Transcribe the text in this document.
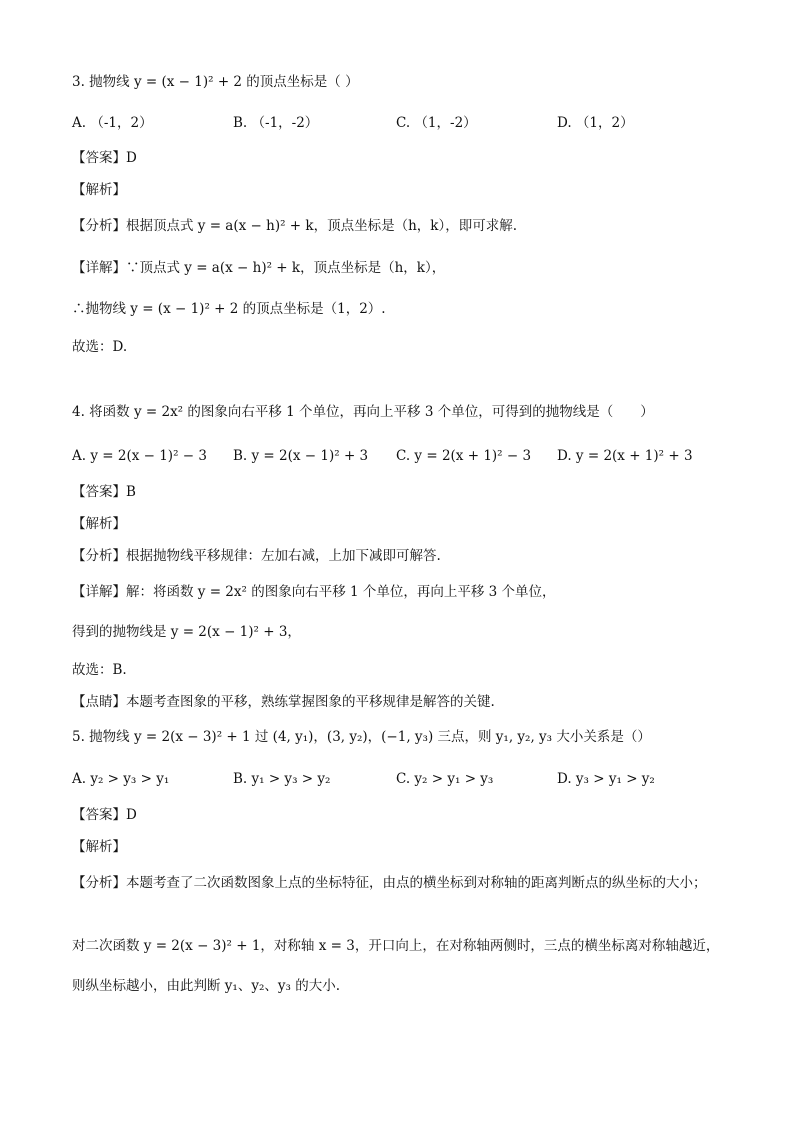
3. 抛物线 y = (x − 1)² + 2 的顶点坐标是（ ）
A. （-1，2）	B. （-1，-2）	C. （1，-2）	D. （1，2）
【答案】D
【解析】
【分析】根据顶点式 y = a(x − h)² + k，顶点坐标是（h，k），即可求解.
【详解】∵顶点式 y = a(x − h)² + k，顶点坐标是（h，k），
∴抛物线 y = (x − 1)² + 2 的顶点坐标是（1，2）.
故选：D.
4. 将函数 y = 2x² 的图象向右平移 1 个单位，再向上平移 3 个单位，可得到的抛物线是（　　）
A. y = 2(x − 1)² − 3 B. y = 2(x − 1)² + 3 C. y = 2(x + 1)² − 3 D. y = 2(x + 1)² + 3
【答案】B
【解析】
【分析】根据抛物线平移规律：左加右减，上加下减即可解答.
【详解】解：将函数 y = 2x² 的图象向右平移 1 个单位，再向上平移 3 个单位，
得到的抛物线是 y = 2(x − 1)² + 3，
故选：B.
【点睛】本题考查图象的平移，熟练掌握图象的平移规律是解答的关键.
5. 抛物线 y = 2(x − 3)² + 1 过 (4, y₁)，(3, y₂)，(−1, y₃) 三点，则 y₁, y₂, y₃ 大小关系是（）
A. y₂ > y₃ > y₁	B. y₁ > y₃ > y₂	C. y₂ > y₁ > y₃	D. y₃ > y₁ > y₂
【答案】D
【解析】
【分析】本题考查了二次函数图象上点的坐标特征，由点的横坐标到对称轴的距离判断点的纵坐标的大小；
对二次函数 y = 2(x − 3)² + 1，对称轴 x = 3，开口向上，在对称轴两侧时，三点的横坐标离对称轴越近，
则纵坐标越小，由此判断 y₁、y₂、y₃ 的大小.
